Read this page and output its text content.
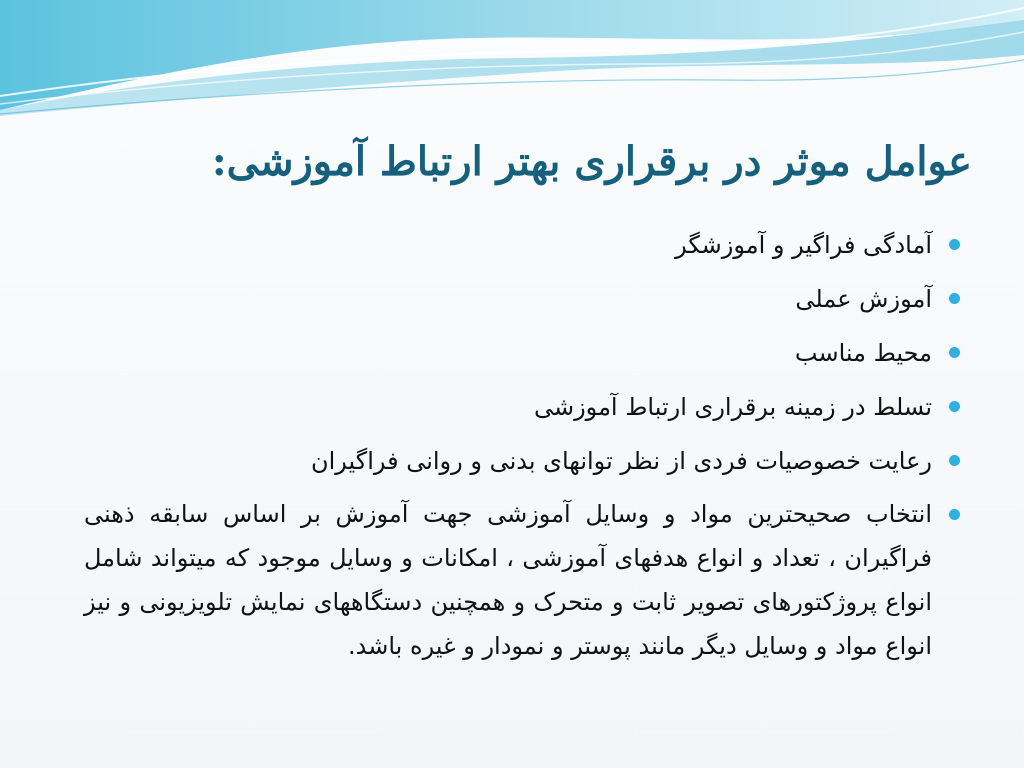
عوامل موثر در برقراری بهتر ارتباط آموزشی:
آمادگی فراگیر و آموزشگر
آموزش عملی
محیط مناسب
تسلط در زمینه برقراری ارتباط آموزشی
رعایت خصوصیات فردی از نظر توانهای بدنی و روانی فراگیران
انتخاب صحیحترین مواد و وسایل آموزشی جهت آموزش بر اساس سابقه ذهنی فراگیران ، تعداد و انواع هدفهای آموزشی ، امکانات و وسایل موجود که میتواند شامل انواع پروژکتورهای تصویر ثابت و متحرک و همچنین دستگاههای نمایش تلویزیونی و نیز انواع مواد و وسایل دیگر مانند پوستر و نمودار و غیره باشد.
